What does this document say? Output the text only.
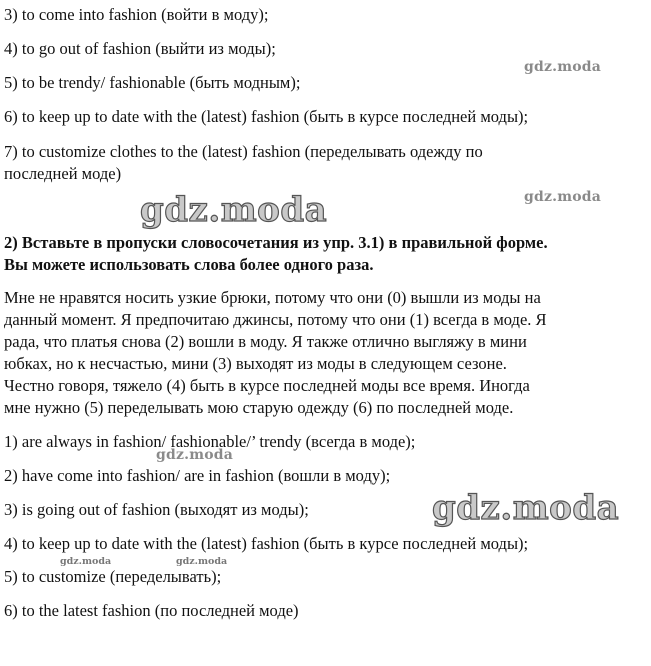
3) to come into fashion (войти в моду);

4) to go out of fashion (выйти из моды);

5) to be trendy/ fashionable (быть модным);

6) to keep up to date with the (latest) fashion (быть в курсе последней моды);

7) to customize clothes to the (latest) fashion (переделывать одежду по

последней моде)

2) Вставьте в пропуски словосочетания из упр. 3.1) в правильной форме.

Вы можете использовать слова более одного раза.

Мне не нравятся носить узкие брюки, потому что они (0) вышли из моды на

данный момент. Я предпочитаю джинсы, потому что они (1) всегда в моде. Я

рада, что платья снова (2) вошли в моду. Я также отлично выгляжу в мини

юбках, но к несчастью, мини (3) выходят из моды в следующем сезоне.

Честно говоря, тяжело (4) быть в курсе последней моды все время. Иногда

мне нужно (5) переделывать мою старую одежду (6) по последней моде.

1) are always in fashion/ fashionable/’ trendy (всегда в моде);

2) have come into fashion/ are in fashion (вошли в моду);

3) is going out of fashion (выходят из моды);

4) to keep up to date with the (latest) fashion (быть в курсе последней моды);

5) to customize (переделывать);

6) to the latest fashion (по последней моде)

gdz.moda
gdz.moda
gdz.moda
gdz.moda
gdz.moda
gdz.moda	gdz.moda
